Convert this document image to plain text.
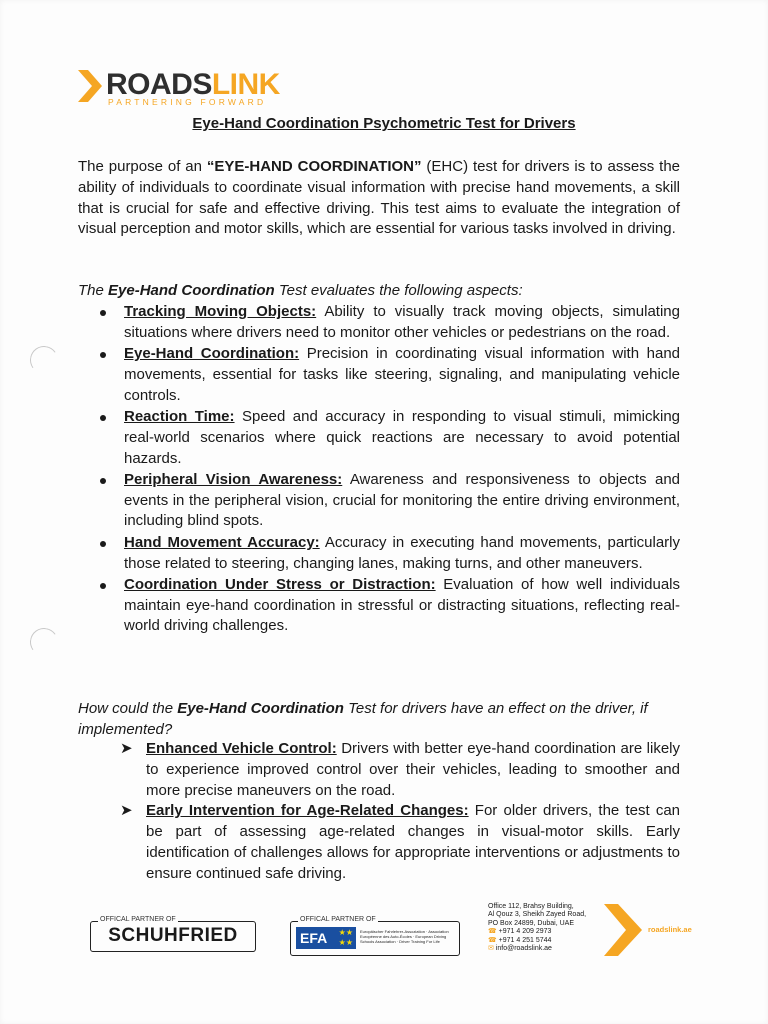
ROADSLINK
PARTNERING FORWARD
Eye-Hand Coordination Psychometric Test for Drivers
The purpose of an “EYE-HAND COORDINATION” (EHC) test for drivers is to assess the ability of individuals to coordinate visual information with precise hand movements, a skill that is crucial for safe and effective driving. This test aims to evaluate the integration of visual perception and motor skills, which are essential for various tasks involved in driving.
The Eye-Hand Coordination Test evaluates the following aspects:
Tracking Moving Objects: Ability to visually track moving objects, simulating situations where drivers need to monitor other vehicles or pedestrians on the road.
Eye-Hand Coordination: Precision in coordinating visual information with hand movements, essential for tasks like steering, signaling, and manipulating vehicle controls.
Reaction Time: Speed and accuracy in responding to visual stimuli, mimicking real-world scenarios where quick reactions are necessary to avoid potential hazards.
Peripheral Vision Awareness: Awareness and responsiveness to objects and events in the peripheral vision, crucial for monitoring the entire driving environment, including blind spots.
Hand Movement Accuracy: Accuracy in executing hand movements, particularly those related to steering, changing lanes, making turns, and other maneuvers.
Coordination Under Stress or Distraction: Evaluation of how well individuals maintain eye-hand coordination in stressful or distracting situations, reflecting real-world driving challenges.
How could the Eye-Hand Coordination Test for drivers have an effect on the driver, if implemented?
➤ Enhanced Vehicle Control: Drivers with better eye-hand coordination are likely to experience improved control over their vehicles, leading to smoother and more precise maneuvers on the road.
➤ Early Intervention for Age-Related Changes: For older drivers, the test can be part of assessing age-related changes in visual-motor skills. Early identification of challenges allows for appropriate interventions or adjustments to ensure continued safe driving.
OFFICAL PARTNER OF
SCHUHFRIED
OFFICAL PARTNER OF
EFA ★★
★★
Europäischer Fahrlehrer-Assoziation · Association Européenne des Auto-Écoles · European Driving Schools Association · Driver Training For Life
Office 112, Brahsy Building,
Al Qouz 3, Sheikh Zayed Road,
PO Box 24899, Dubai, UAE
☎ +971 4 209 2973
☎ +971 4 251 5744
✉ info@roadslink.ae
roadslink.ae
